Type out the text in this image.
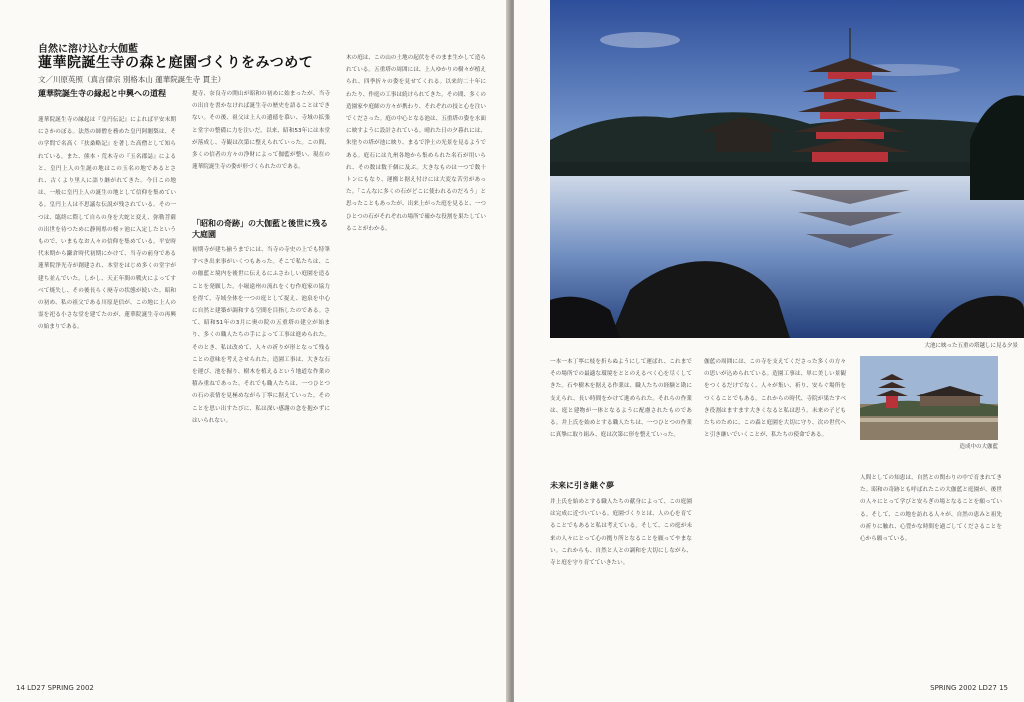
自然に溶け込む大伽藍
蓮華院誕生寺の森と庭園づくりをみつめて
文／川原英照（真言律宗 別格本山 蓮華院誕生寺 貫主）
蓮華院誕生寺の縁起と中興への道程
蓮華院誕生寺の縁起は『皇円伝記』によれば平安末期にさかのぼる。法然の師僧を務めた皇円阿闍梨は、その学問で名高く『扶桑略記』を著した高僧として知られている。また、熊本・荒木寺の『玉名郡誌』によると、皇円上人の生誕の地はこの玉名の地であるとされ、古くより里人に語り継がれてきた。今日この地は、一般に皇円上人の誕生の地として信仰を集めている。皇円上人は不思議な伝説が残されている。その一つは、臨終に際して自らの身を大蛇と変え、弥勒菩薩の出世を待つために静岡県の桜ヶ池に入定したというもので、いまもなお人々の信仰を集めている。平安時代末期から鎌倉時代初期にかけて、当寺の前身である蓮華院浄光寺が創建され、本堂をはじめ多くの堂宇が建ち並んでいた。しかし、天正年間の戦火によってすべて焼失し、その後長らく廃寺の状態が続いた。昭和の初め、私の祖父である川原是信が、この地に上人の霊を祀る小さな堂を建てたのが、蓮華院誕生寺の再興の始まりである。
提寺、奈良寺の開山が昭和の初めに始まったが、当寺の出自を書かなければ誕生寺の歴史を語ることはできない。その後、祖父は上人の遺徳を慕い、寺域の拡張と堂宇の整備に力を注いだ。以来、昭和53年には本堂が落成し、寺観は次第に整えられていった。この間、多くの信者の方々の浄財によって伽藍が整い、現在の蓮華院誕生寺の姿が形づくられたのである。
「昭和の奇跡」の大伽藍と後世に残る大庭園
初期寺が建ち揃うまでには、当寺の寺史の上でも特筆すべき出来事がいくつもあった。そこで私たちは、この伽藍と境内を後世に伝えるにふさわしい庭園を造ることを発願した。小堀遠州の流れをくむ作庭家の協力を得て、寺域全体を一つの庭として捉え、池泉を中心に自然と建築が調和する空間を目指したのである。さて、昭和51年の3月に奥の院の五重塔の建立が始まり、多くの職人たちの手によって工事は進められた。そのとき、私は改めて、人々の祈りが形となって残ることの意味を考えさせられた。造園工事は、大きな石を運び、池を掘り、樹木を植えるという地道な作業の積み重ねであった。それでも職人たちは、一つひとつの石の表情を見極めながら丁寧に据えていった。そのことを思い出すたびに、私は深い感謝の念を抱かずにはいられない。
木の庭は、この山の土地の起伏をそのまま生かして造られている。五重塔の周囲には、上人ゆかりの樹々が植えられ、四季折々の姿を見せてくれる。以来約二十年にわたり、作庭の工事は続けられてきた。その間、多くの造園家や庭師の方々が携わり、それぞれの技と心を注いでくださった。庭の中心となる池は、五重塔の姿を水面に映すように設計されている。晴れた日の夕暮れには、朱塗りの塔が池に映り、まるで浄土の光景を見るようである。庭石には九州各地から集められた名石が用いられ、その数は数千個に及ぶ。大きなものは一つで数十トンにもなり、運搬と据え付けには大変な苦労があった。「こんなに多くの石がどこに使われるのだろう」と思ったこともあったが、出来上がった庭を見ると、一つひとつの石がそれぞれの場所で確かな役割を果たしていることがわかる。
14 LD27 SPRING 2002
大池に映った五重の塔越しに見る夕景
一本一本丁寧に枝を折らぬようにして運ばれ、これまでその場所での最適な環境をととのえるべく心を尽くしてきた。石や樹木を据える作業は、職人たちの経験と勘に支えられ、長い時間をかけて進められた。それらの作業は、庭と建物が一体となるように配慮されたものである。井上氏を始めとする職人たちは、一つひとつの作業に真摯に取り組み、庭は次第に形を整えていった。
未来に引き継ぐ夢
井上氏を始めとする職人たちの献身によって、この庭園は完成に近づいている。庭園づくりとは、人の心を育てることでもあると私は考えている。そして、この庭が未来の人々にとって心の拠り所となることを願ってやまない。これからも、自然と人との調和を大切にしながら、寺と庭を守り育てていきたい。
伽藍の周囲には、この寺を支えてくださった多くの方々の思いが込められている。造園工事は、単に美しい景観をつくるだけでなく、人々が集い、祈り、安らぐ場所をつくることでもある。これからの時代、寺院が果たすべき役割はますます大きくなると私は思う。未来の子どもたちのために、この森と庭園を大切に守り、次の世代へと引き継いでいくことが、私たちの使命である。
造成中の大伽藍
人間としての知恵は、自然との関わりの中で育まれてきた。昭和の奇跡とも呼ばれたこの大伽藍と庭園が、後世の人々にとって学びと安らぎの場となることを願っている。そして、この地を訪れる人々が、自然の恵みと祖先の祈りに触れ、心豊かな時間を過ごしてくださることを心から願っている。
SPRING 2002 LD27 15
